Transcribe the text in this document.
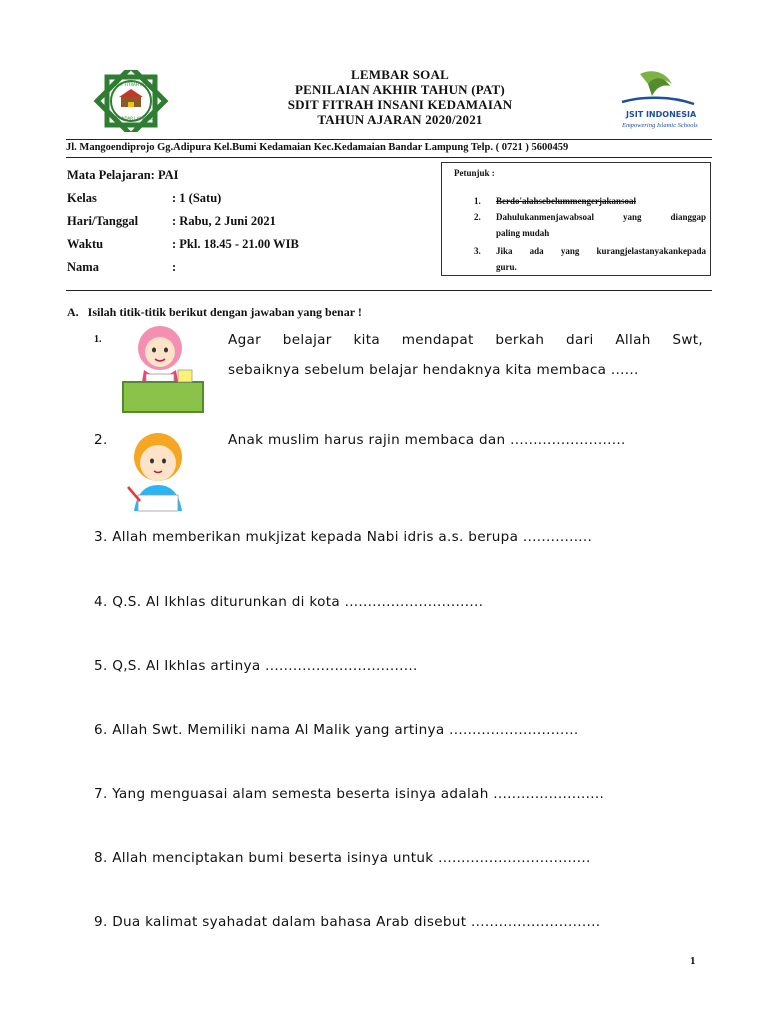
SDIT FITRAH INSANI
BANDAR LAMPUNG
LEMBAR SOAL
PENILAIAN AKHIR TAHUN (PAT)
SDIT FITRAH INSANI KEDAMAIAN
TAHUN AJARAN 2020/2021	JSIT INDONESIA
Empowering Islamic Schools
Jl. Mangoendiprojo Gg.Adipura Kel.Bumi Kedamaian Kec.Kedamaian Bandar Lampung Telp. ( 0721 ) 5600459
Mata Pelajaran: PAI
Kelas	: 1 (Satu)
Hari/Tanggal	: Rabu, 2 Juni 2021
Waktu	: Pkl. 18.45 - 21.00 WIB
Nama	:
Petunjuk :
1. Berdo'alahsebelummengerjakansoal
2. Dahulukanmenjawabsoal yang dianggap
paling mudah
3. Jika ada yang kurangjelastanyakankepada
guru.
A.   Isilah titik-titik berikut dengan jawaban yang benar !
1.	Agar belajar kita mendapat berkah dari Allah Swt,
sebaiknya sebelum belajar hendaknya kita membaca ......
2.	Anak muslim harus rajin membaca dan .........................
3. Allah memberikan mukjizat kepada Nabi idris a.s. berupa ...............
4. Q.S. Al Ikhlas diturunkan di kota ..............................
5. Q,S. Al Ikhlas artinya .................................
6. Allah Swt. Memiliki nama Al Malik yang artinya ............................
7. Yang menguasai alam semesta beserta isinya adalah ........................
8. Allah menciptakan bumi beserta isinya untuk .................................
9. Dua kalimat syahadat dalam bahasa Arab disebut ............................
1
